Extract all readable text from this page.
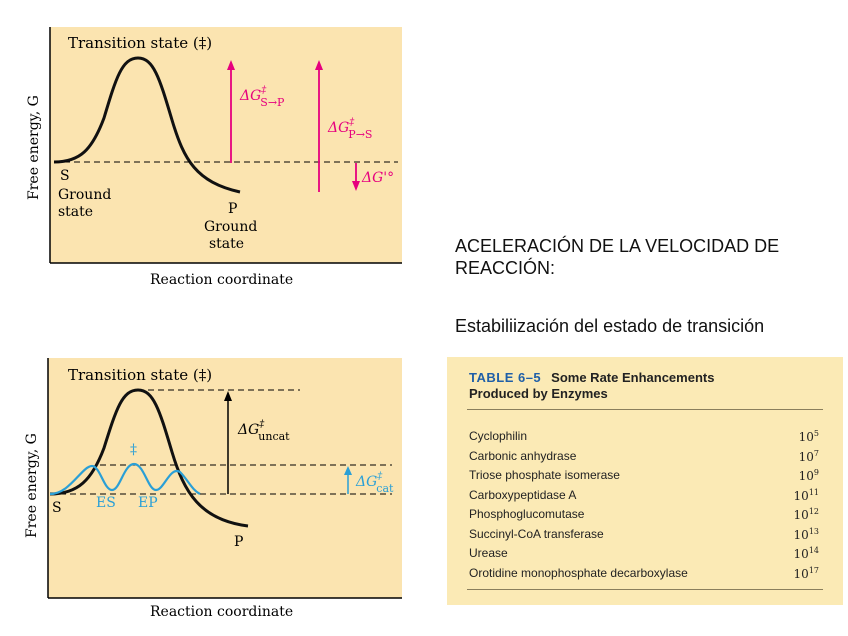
Transition state (‡)
Free energy, G
Reaction coordinate
S
Ground
state	P
Ground
state
ΔG‡ S→P
ΔG‡ P→S
ΔG'°
Transition state (‡)
Free energy, G
Reaction coordinate
‡
ES EP
S
P
ΔG‡ uncat
ΔG‡ cat
ACELERACIÓN DE LA VELOCIDAD DE REACCIÓN:
Estabiliización del estado de transición
TABLE 6–5 Some Rate Enhancements
Produced by Enzymes
Cyclophilin	$10^5$
Carbonic anhydrase	$10^7$
Triose phosphate isomerase	$10^9$
Carboxypeptidase A	$10^{11}$
Phosphoglucomutase	$10^{12}$
Succinyl-CoA transferase	$10^{13}$
Urease	$10^{14}$
Orotidine monophosphate decarboxylase	$10^{17}$
